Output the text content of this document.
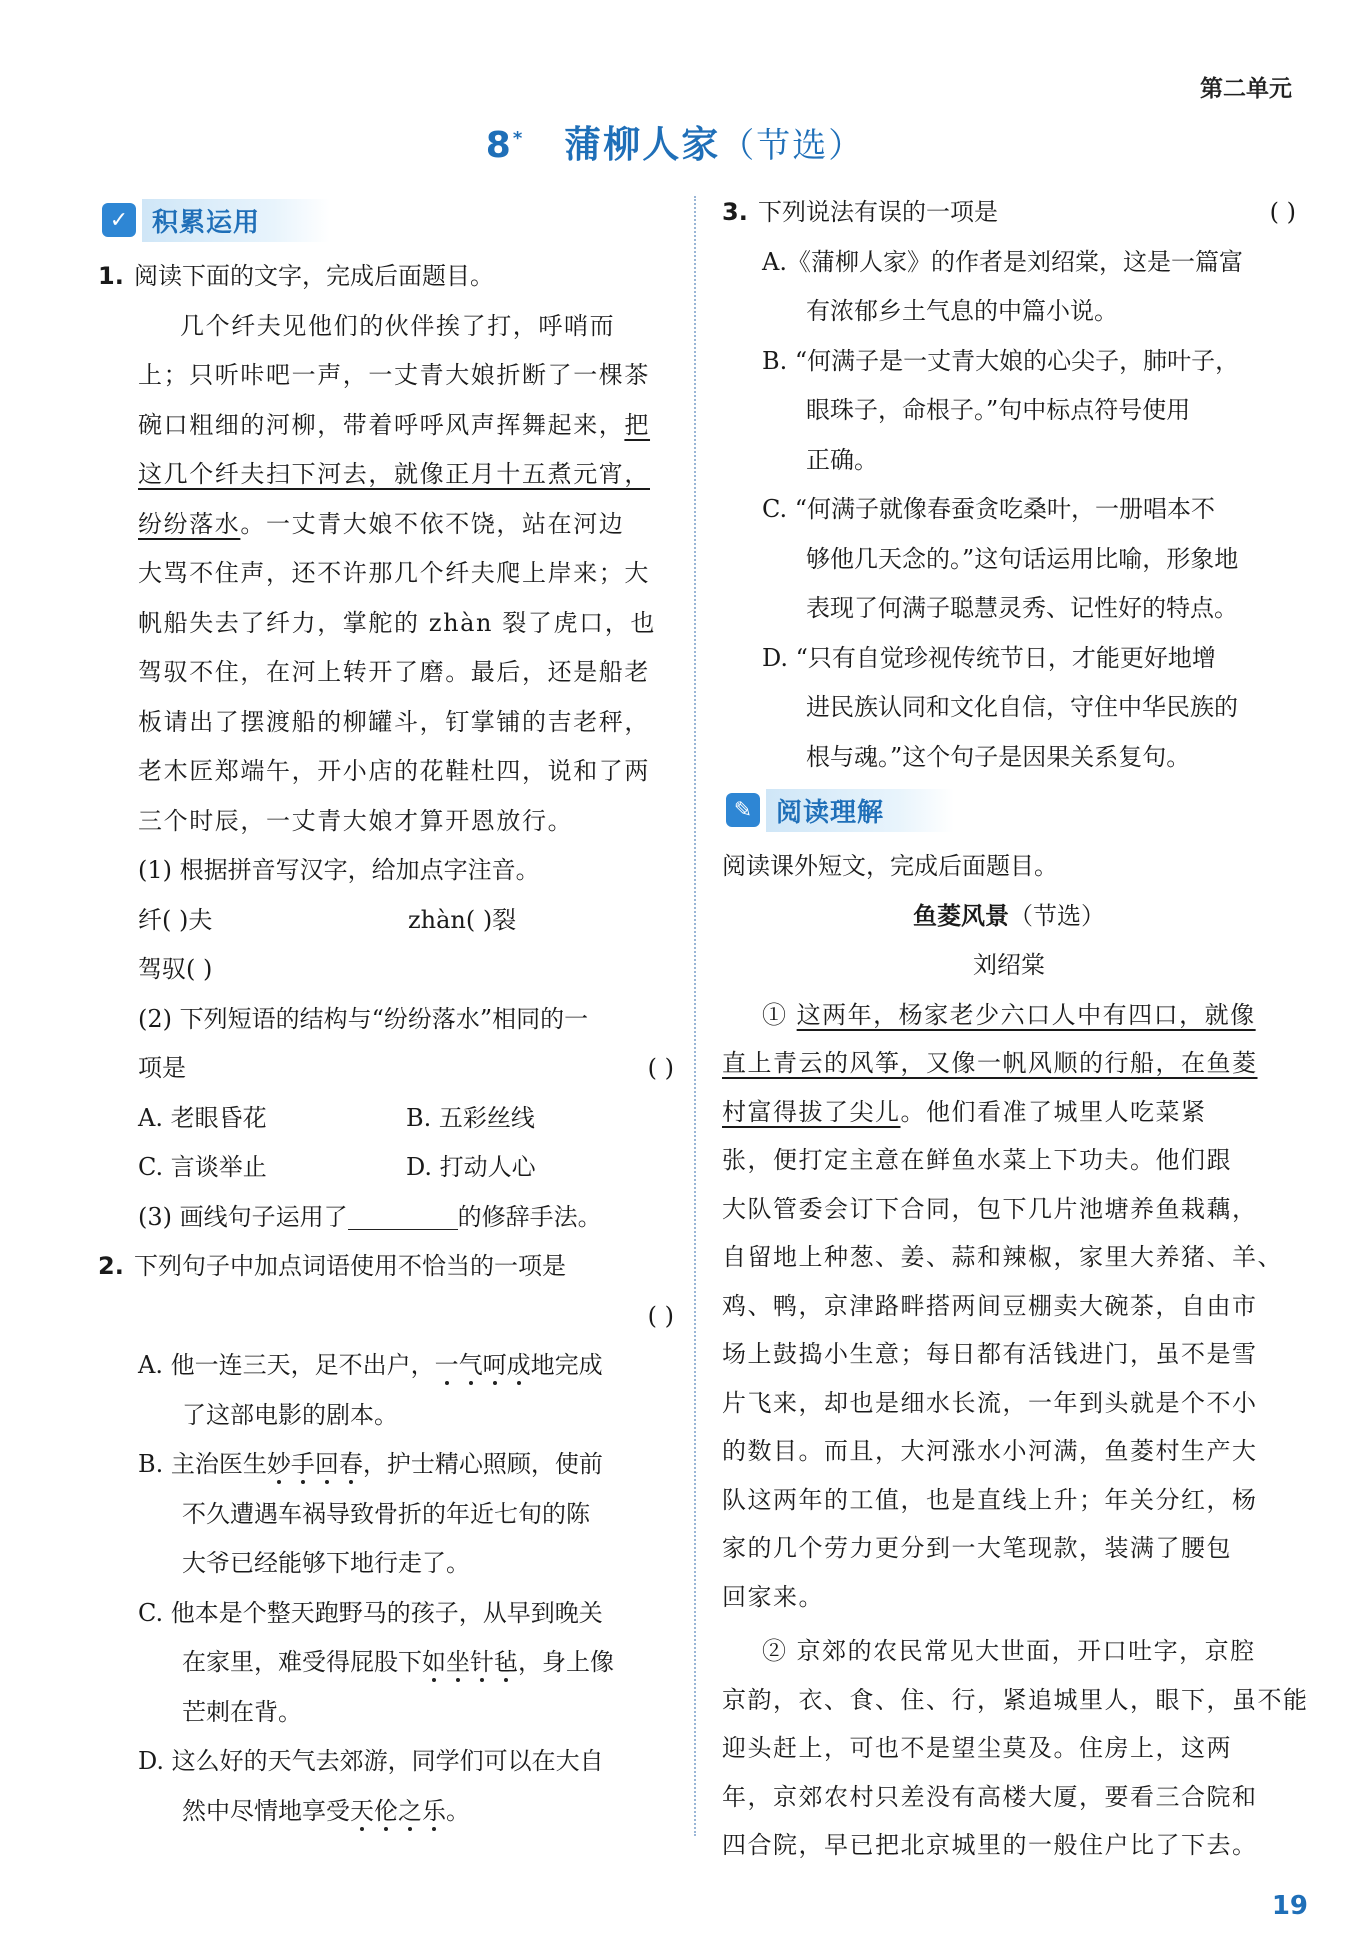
第二单元
8* 蒲柳人家（节选）
✓ 积累运用
1. 阅读下面的文字，完成后面题目。
几个纤夫见他们的伙伴挨了打，呼哨而
上；只听咔吧一声，一丈青大娘折断了一棵茶
碗口粗细的河柳，带着呼呼风声挥舞起来，把
这几个纤夫扫下河去，就像正月十五煮元宵，
纷纷落水。一丈青大娘不依不饶，站在河边
大骂不住声，还不许那几个纤夫爬上岸来；大
帆船失去了纤力，掌舵的 zhàn 裂了虎口，也
驾驭不住，在河上转开了磨。最后，还是船老
板请出了摆渡船的柳罐斗，钉掌铺的吉老秤，
老木匠郑端午，开小店的花鞋杜四，说和了两
三个时辰，一丈青大娘才算开恩放行。
(1) 根据拼音写汉字，给加点字注音。
纤( )夫	zhàn( )裂
驾驭( )
(2) 下列短语的结构与“纷纷落水”相同的一
项是	( )
A. 老眼昏花	B. 五彩丝线
C. 言谈举止	D. 打动人心
(3) 画线句子运用了	的修辞手法。
2. 下列句子中加点词语使用不恰当的一项是

( )
A. 他一连三天，足不出户，一气呵成地完成
了这部电影的剧本。
B. 主治医生妙手回春，护士精心照顾，使前
不久遭遇车祸导致骨折的年近七旬的陈
大爷已经能够下地行走了。
C. 他本是个整天跑野马的孩子，从早到晚关
在家里，难受得屁股下如坐针毡，身上像
芒刺在背。
D. 这么好的天气去郊游，同学们可以在大自
然中尽情地享受天伦之乐。
3. 下列说法有误的一项是	( )
A.《蒲柳人家》的作者是刘绍棠，这是一篇富
有浓郁乡土气息的中篇小说。
B. “何满子是一丈青大娘的心尖子，肺叶子，
眼珠子，命根子。”句中标点符号使用
正确。
C. “何满子就像春蚕贪吃桑叶，一册唱本不
够他几天念的。”这句话运用比喻，形象地
表现了何满子聪慧灵秀、记性好的特点。
D. “只有自觉珍视传统节日，才能更好地增
进民族认同和文化自信，守住中华民族的
根与魂。”这个句子是因果关系复句。
✎ 阅读理解
阅读课外短文，完成后面题目。
鱼菱风景（节选）
刘绍棠
① 这两年，杨家老少六口人中有四口，就像
直上青云的风筝，又像一帆风顺的行船，在鱼菱
村富得拔了尖儿。他们看准了城里人吃菜紧
张，便打定主意在鲜鱼水菜上下功夫。他们跟
大队管委会订下合同，包下几片池塘养鱼栽藕，
自留地上种葱、姜、蒜和辣椒，家里大养猪、羊、
鸡、鸭，京津路畔搭两间豆棚卖大碗茶，自由市
场上鼓捣小生意；每日都有活钱进门，虽不是雪
片飞来，却也是细水长流，一年到头就是个不小
的数目。而且，大河涨水小河满，鱼菱村生产大
队这两年的工值，也是直线上升；年关分红，杨
家的几个劳力更分到一大笔现款，装满了腰包
回家来。
② 京郊的农民常见大世面，开口吐字，京腔
京韵，衣、食、住、行，紧追城里人，眼下，虽不能
迎头赶上，可也不是望尘莫及。住房上，这两
年，京郊农村只差没有高楼大厦，要看三合院和
四合院，早已把北京城里的一般住户比了下去。
19
